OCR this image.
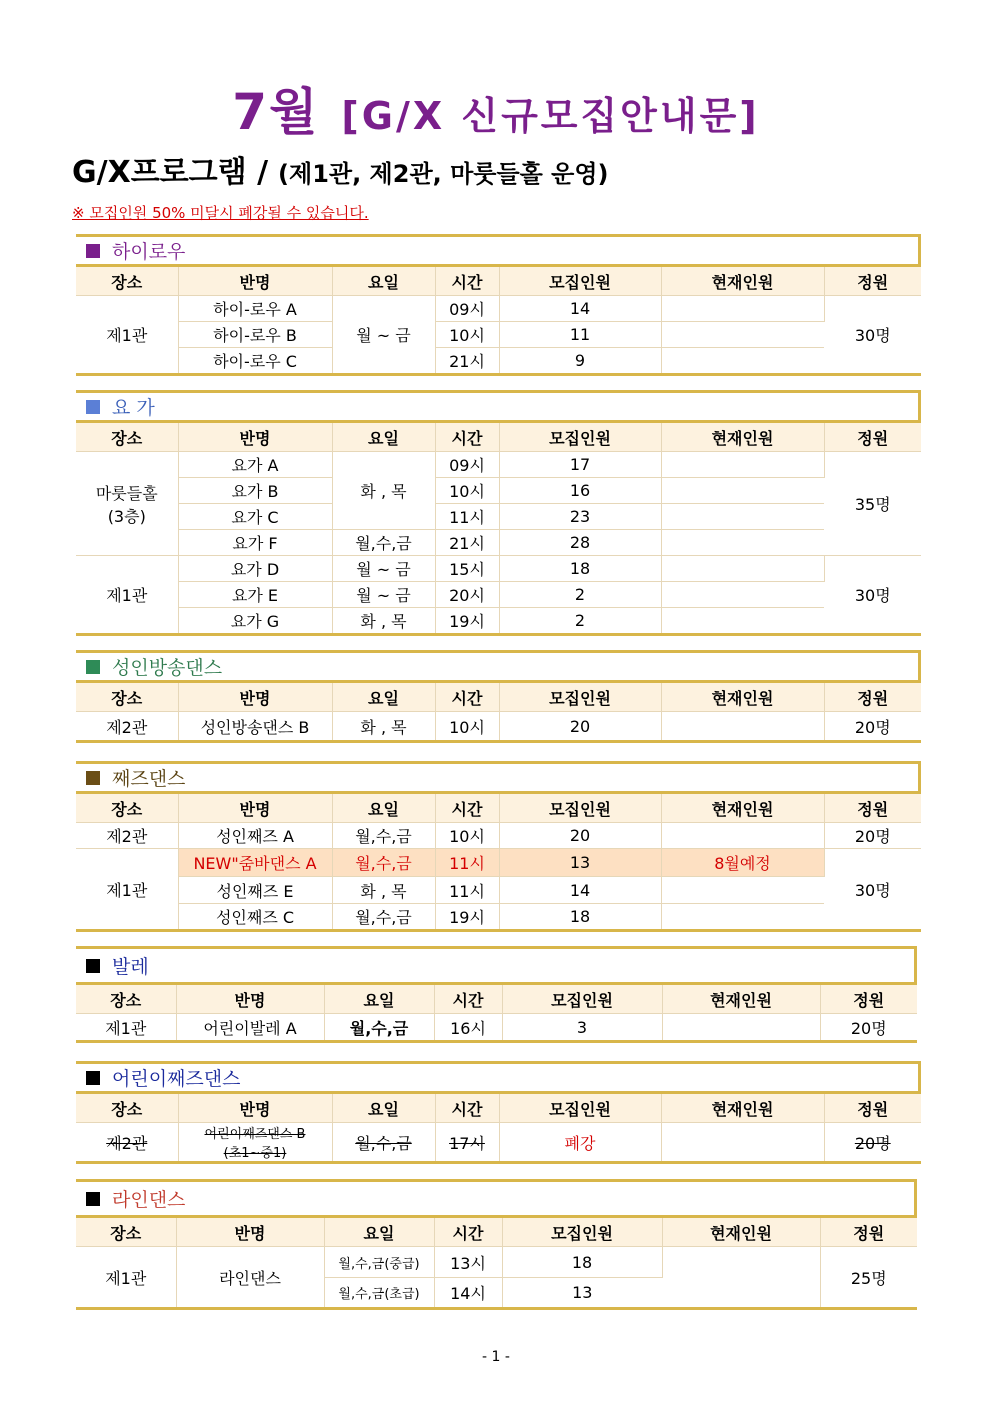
7월 [G/X 신규모집안내문]
G/X프로그램 / (제1관, 제2관, 마룻들홀 운영)
※ 모집인원 50% 미달시 폐강될 수 있습니다.
하이로우
장소	반명	요일	시간	모집인원	현재인원	정원
제1관	하이-로우 A	월 ~ 금	09시	14		30명
	하이-로우 B		10시	11		
	하이-로우 C		21시	9		
요 가
장소	반명	요일	시간	모집인원	현재인원	정원
마룻들홀
(3층)	요가 A	화 , 목	09시	17		35명
	요가 B		10시	16		
	요가 C		11시	23		
	요가 F	월,수,금	21시	28		
제1관	요가 D	월 ~ 금	15시	18		30명
	요가 E	월 ~ 금	20시	2		
	요가 G	화 , 목	19시	2		
성인방송댄스
장소	반명	요일	시간	모집인원	현재인원	정원
제2관	성인방송댄스 B	화 , 목	10시	20		20명
째즈댄스
장소	반명	요일	시간	모집인원	현재인원	정원
제2관	성인째즈 A	월,수,금	10시	20		20명
제1관	NEW"줌바댄스 A	월,수,금	11시	13	8월예정	30명
	성인째즈 E	화 , 목	11시	14		
	성인째즈 C	월,수,금	19시	18		
발레
장소	반명	요일	시간	모집인원	현재인원	정원
제1관	어린이발레 A	월,수,금	16시	3		20명
어린이째즈댄스
장소	반명	요일	시간	모집인원	현재인원	정원
제2관	어린이째즈댄스 B
(초1~중1)	월,수,금	17시	폐강		20명
라인댄스
장소	반명	요일	시간	모집인원	현재인원	정원
제1관	라인댄스	월,수,금(중급)	13시	18		25명
		월,수,금(초급)	14시	13		
- 1 -
